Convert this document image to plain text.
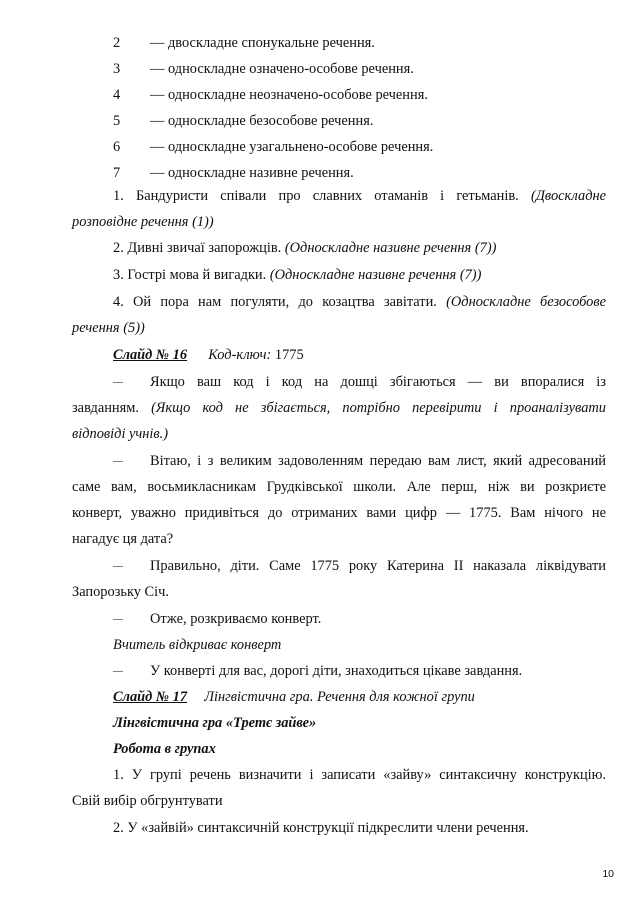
2 — двоскладне спонукальне речення.
3 — односкладне означено-особове речення.
4 — односкладне неозначено-особове речення.
5 — односкладне безособове речення.
6 — односкладне узагальнено-особове речення.
7 — односкладне називне речення.
1. Бандуристи співали про славних отаманів і гетьманів. (Двоскладне
розповідне речення (1))
2. Дивні звичаї запорожців. (Односкладне називне речення (7))
3. Гострі мова й вигадки. (Односкладне називне речення (7))
4. Ой пора нам погуляти, до козацтва завітати. (Односкладне безособове
речення (5))
Слайд № 16 Код-ключ: 1775
— Якщо ваш код і код на дошці збігаються — ви впоралися із
завданням. (Якщо код не збігається, потрібно перевірити і проаналізувати
відповіді учнів.)
— Вітаю, і з великим задоволенням передаю вам лист, який адресований
саме вам, восьмикласникам Грудківської школи. Але перш, ніж ви розкриєте
конверт, уважно придивіться до отриманих вами цифр — 1775. Вам нічого не
нагадує ця дата?
— Правильно, діти. Саме 1775 року Катерина ІІ наказала ліквідувати
Запорозьку Січ.
— Отже, розкриваємо конверт.
Вчитель відкриває конверт
— У конверті для вас, дорогі діти, знаходиться цікаве завдання.
Слайд № 17 Лінгвістична гра. Речення для кожної групи
Лінгвістична гра «Третє зайве»
Робота в групах
1. У групі речень визначити і записати «зайву» синтаксичну конструкцію.
Свій вибір обгрунтувати
2. У «зайвій» синтаксичній конструкції підкреслити члени речення.
10
